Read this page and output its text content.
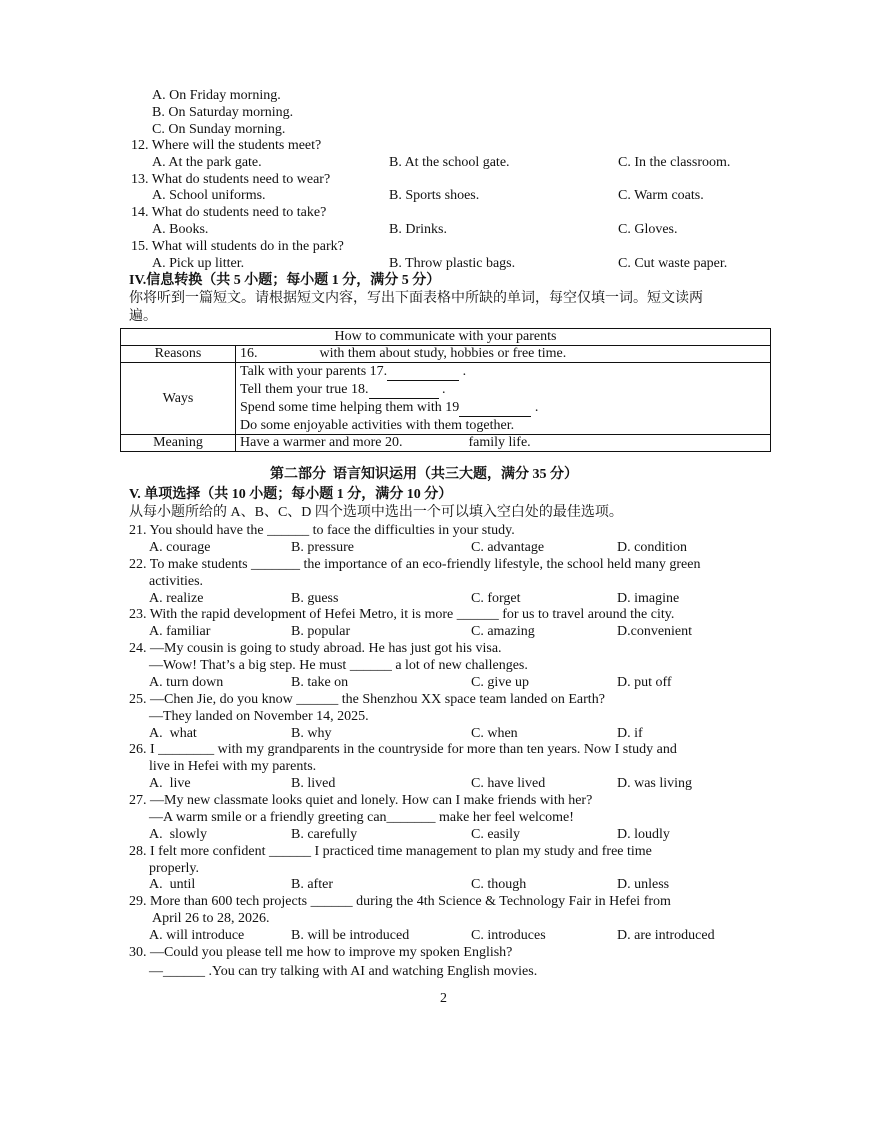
A. On Friday morning.
B. On Saturday morning.
C. On Sunday morning.
12. Where will the students meet?
A. At the park gate.	B. At the school gate.	C. In the classroom.
13. What do students need to wear?
A. School uniforms.	B. Sports shoes.	C. Warm coats.
14. What do students need to take?
A. Books.	B. Drinks.	C. Gloves.
15. What will students do in the park?
A. Pick up litter.	B. Throw plastic bags.	C. Cut waste paper.
IV.信息转换（共 5 小题；每小题 1 分，满分 5 分）
你将听到一篇短文。请根据短文内容，写出下面表格中所缺的单词，每空仅填一词。短文读两
遍。
How to communicate with your parents	
Reasons	16. with them about study, hobbies or free time.
Ways	Talk with your parents 17. .
Tell them your true 18. .
Spend some time helping them with 19 .
Do some enjoyable activities with them together.

Meaning	Have a warmer and more 20. family life.
第二部分  语言知识运用（共三大题，满分 35 分）
V. 单项选择（共 10 小题；每小题 1 分，满分 10 分）
从每小题所给的 A、B、C、D 四个选项中选出一个可以填入空白处的最佳选项。
21. You should have the ______ to face the difficulties in your study.
A. courage	B. pressure	C. advantage	D. condition
22. To make students _______ the importance of an eco-friendly lifestyle, the school held many green
activities.
A. realize	B. guess	C. forget	D. imagine
23. With the rapid development of Hefei Metro, it is more ______ for us to travel around the city.
A. familiar	B. popular	C. amazing	D.convenient
24. —My cousin is going to study abroad. He has just got his visa.
—Wow! That’s a big step. He must ______ a lot of new challenges.
A. turn down	B. take on	C. give up	D. put off
25. —Chen Jie, do you know ______ the Shenzhou XX space team landed on Earth?
—They landed on November 14, 2025.
A.  what	B. why	C. when	D. if
26. I ________ with my grandparents in the countryside for more than ten years. Now I study and
live in Hefei with my parents.
A.  live	B. lived	C. have lived	D. was living
27. —My new classmate looks quiet and lonely. How can I make friends with her?
—A warm smile or a friendly greeting can_______ make her feel welcome!
A.  slowly	B. carefully	C. easily	D. loudly
28. I felt more confident ______ I practiced time management to plan my study and free time
properly.
A.  until	B. after	C. though	D. unless
29. More than 600 tech projects ______ during the 4th Science & Technology Fair in Hefei from
April 26 to 28, 2026.
A. will introduce	B. will be introduced	C. introduces	D. are introduced
30. —Could you please tell me how to improve my spoken English?
—______ .You can try talking with AI and watching English movies.
2
